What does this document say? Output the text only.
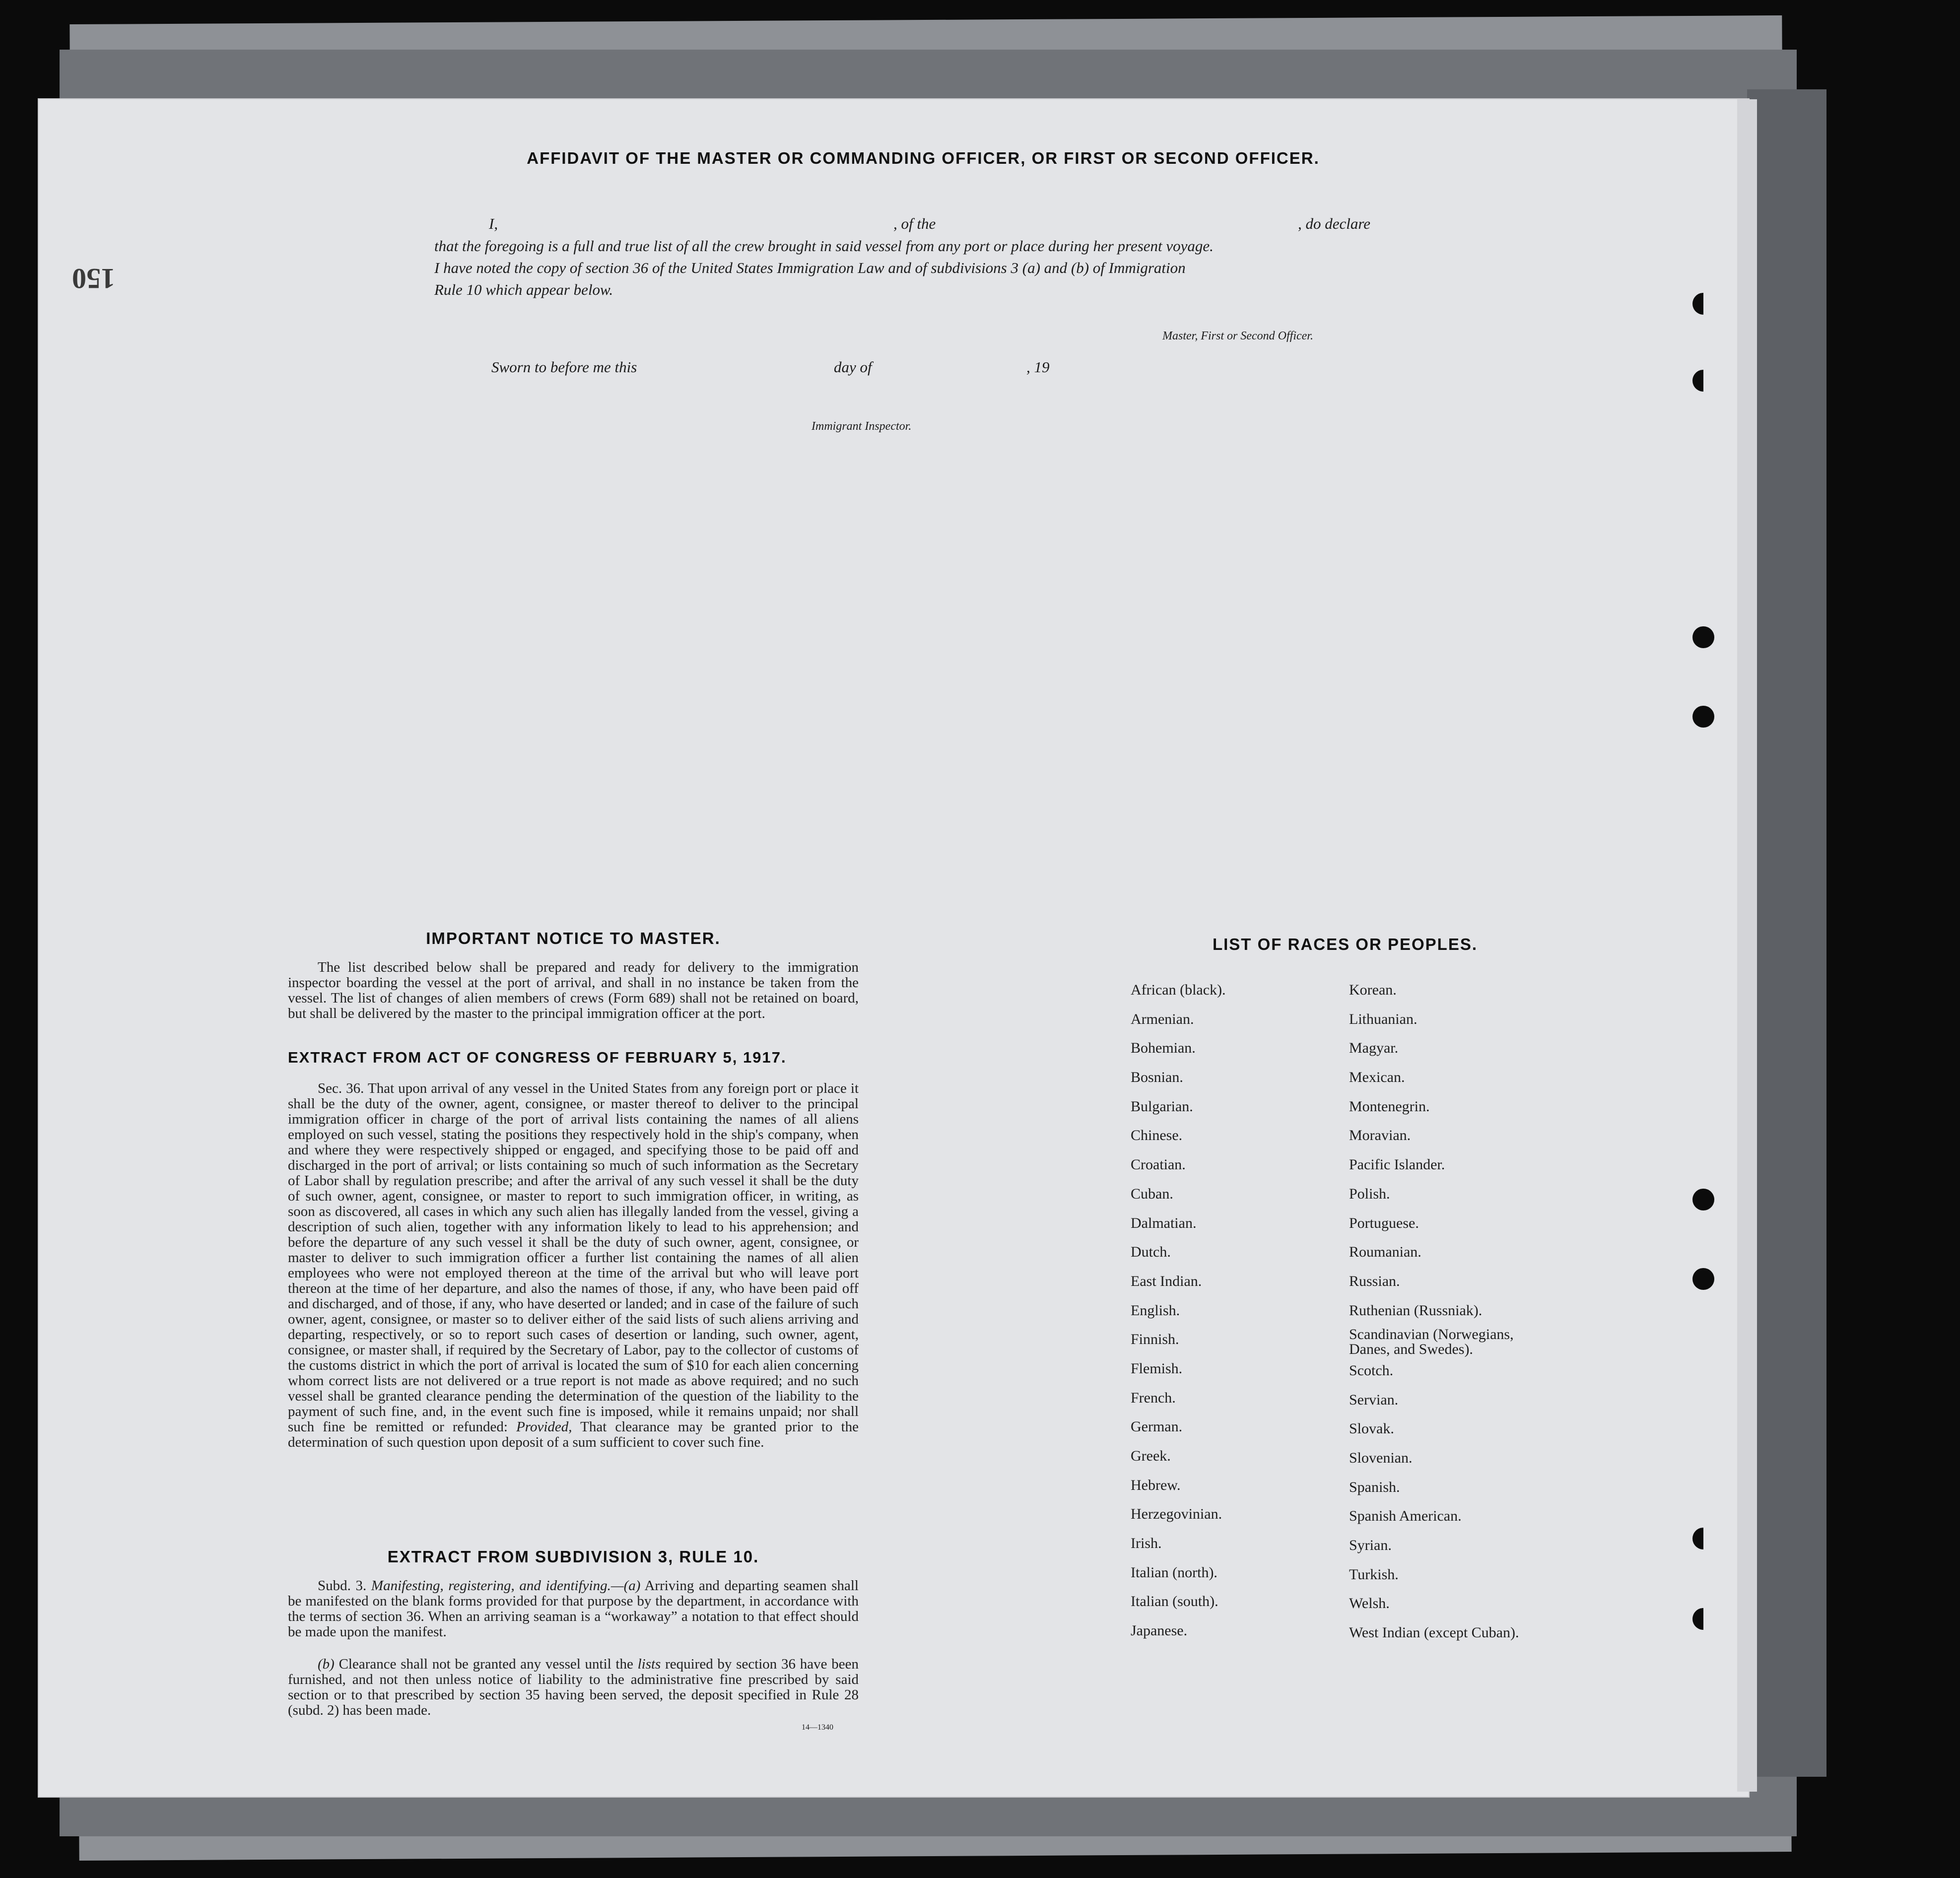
150
AFFIDAVIT OF THE MASTER OR COMMANDING OFFICER, OR FIRST OR SECOND OFFICER.
I,	, of the	, do declare
that the foregoing is a full and true list of all the crew brought in said vessel from any port or place during her present voyage.
I have noted the copy of section 36 of the United States Immigration Law and of subdivisions 3 (a) and (b) of Immigration
Rule 10 which appear below.
Master, First or Second Officer.
Sworn to before me this	day of	, 19
Immigrant Inspector.
IMPORTANT NOTICE TO MASTER.
The list described below shall be prepared and ready for delivery to the immigration inspector boarding the vessel at the port of arrival, and shall in no instance be taken from the vessel. The list of changes of alien members of crews (Form 689) shall not be retained on board, but shall be delivered by the master to the principal immigration officer at the port.
EXTRACT FROM ACT OF CONGRESS OF FEBRUARY 5, 1917.
Sec. 36. That upon arrival of any vessel in the United States from any foreign port or place it shall be the duty of the owner, agent, consignee, or master thereof to deliver to the principal immigration officer in charge of the port of arrival lists containing the names of all aliens employed on such vessel, stating the positions they respectively hold in the ship's company, when and where they were respectively shipped or engaged, and specifying those to be paid off and discharged in the port of arrival; or lists containing so much of such information as the Secretary of Labor shall by regulation prescribe; and after the arrival of any such vessel it shall be the duty of such owner, agent, consignee, or master to report to such immigration officer, in writing, as soon as discovered, all cases in which any such alien has illegally landed from the vessel, giving a description of such alien, together with any information likely to lead to his apprehension; and before the departure of any such vessel it shall be the duty of such owner, agent, consignee, or master to deliver to such immigration officer a further list containing the names of all alien employees who were not employed thereon at the time of the arrival but who will leave port thereon at the time of her departure, and also the names of those, if any, who have been paid off and discharged, and of those, if any, who have deserted or landed; and in case of the failure of such owner, agent, consignee, or master so to deliver either of the said lists of such aliens arriving and departing, respectively, or so to report such cases of desertion or landing, such owner, agent, consignee, or master shall, if required by the Secretary of Labor, pay to the collector of customs of the customs district in which the port of arrival is located the sum of $10 for each alien concerning whom correct lists are not delivered or a true report is not made as above required; and no such vessel shall be granted clearance pending the determination of the question of the liability to the payment of such fine, and, in the event such fine is imposed, while it remains unpaid; nor shall such fine be remitted or refunded: Provided, That clearance may be granted prior to the determination of such question upon deposit of a sum sufficient to cover such fine.
EXTRACT FROM SUBDIVISION 3, RULE 10.
Subd. 3. Manifesting, registering, and identifying.—(a) Arriving and departing seamen shall be manifested on the blank forms provided for that purpose by the department, in accordance with the terms of section 36. When an arriving seaman is a “workaway” a notation to that effect should be made upon the manifest.
(b) Clearance shall not be granted any vessel until the lists required by section 36 have been furnished, and not then unless notice of liability to the administrative fine prescribed by said section or to that prescribed by section 35 having been served, the deposit specified in Rule 28 (subd. 2) has been made.
14—1340
LIST OF RACES OR PEOPLES.
African (black).
Armenian.
Bohemian.
Bosnian.
Bulgarian.
Chinese.
Croatian.
Cuban.
Dalmatian.
Dutch.
East Indian.
English.
Finnish.
Flemish.
French.
German.
Greek.
Hebrew.
Herzegovinian.
Irish.
Italian (north).
Italian (south).
Japanese.
Korean.
Lithuanian.
Magyar.
Mexican.
Montenegrin.
Moravian.
Pacific Islander.
Polish.
Portuguese.
Roumanian.
Russian.
Ruthenian (Russniak).
Scandinavian (Norwegians, Danes, and Swedes).
Scotch.
Servian.
Slovak.
Slovenian.
Spanish.
Spanish American.
Syrian.
Turkish.
Welsh.
West Indian (except Cuban).
